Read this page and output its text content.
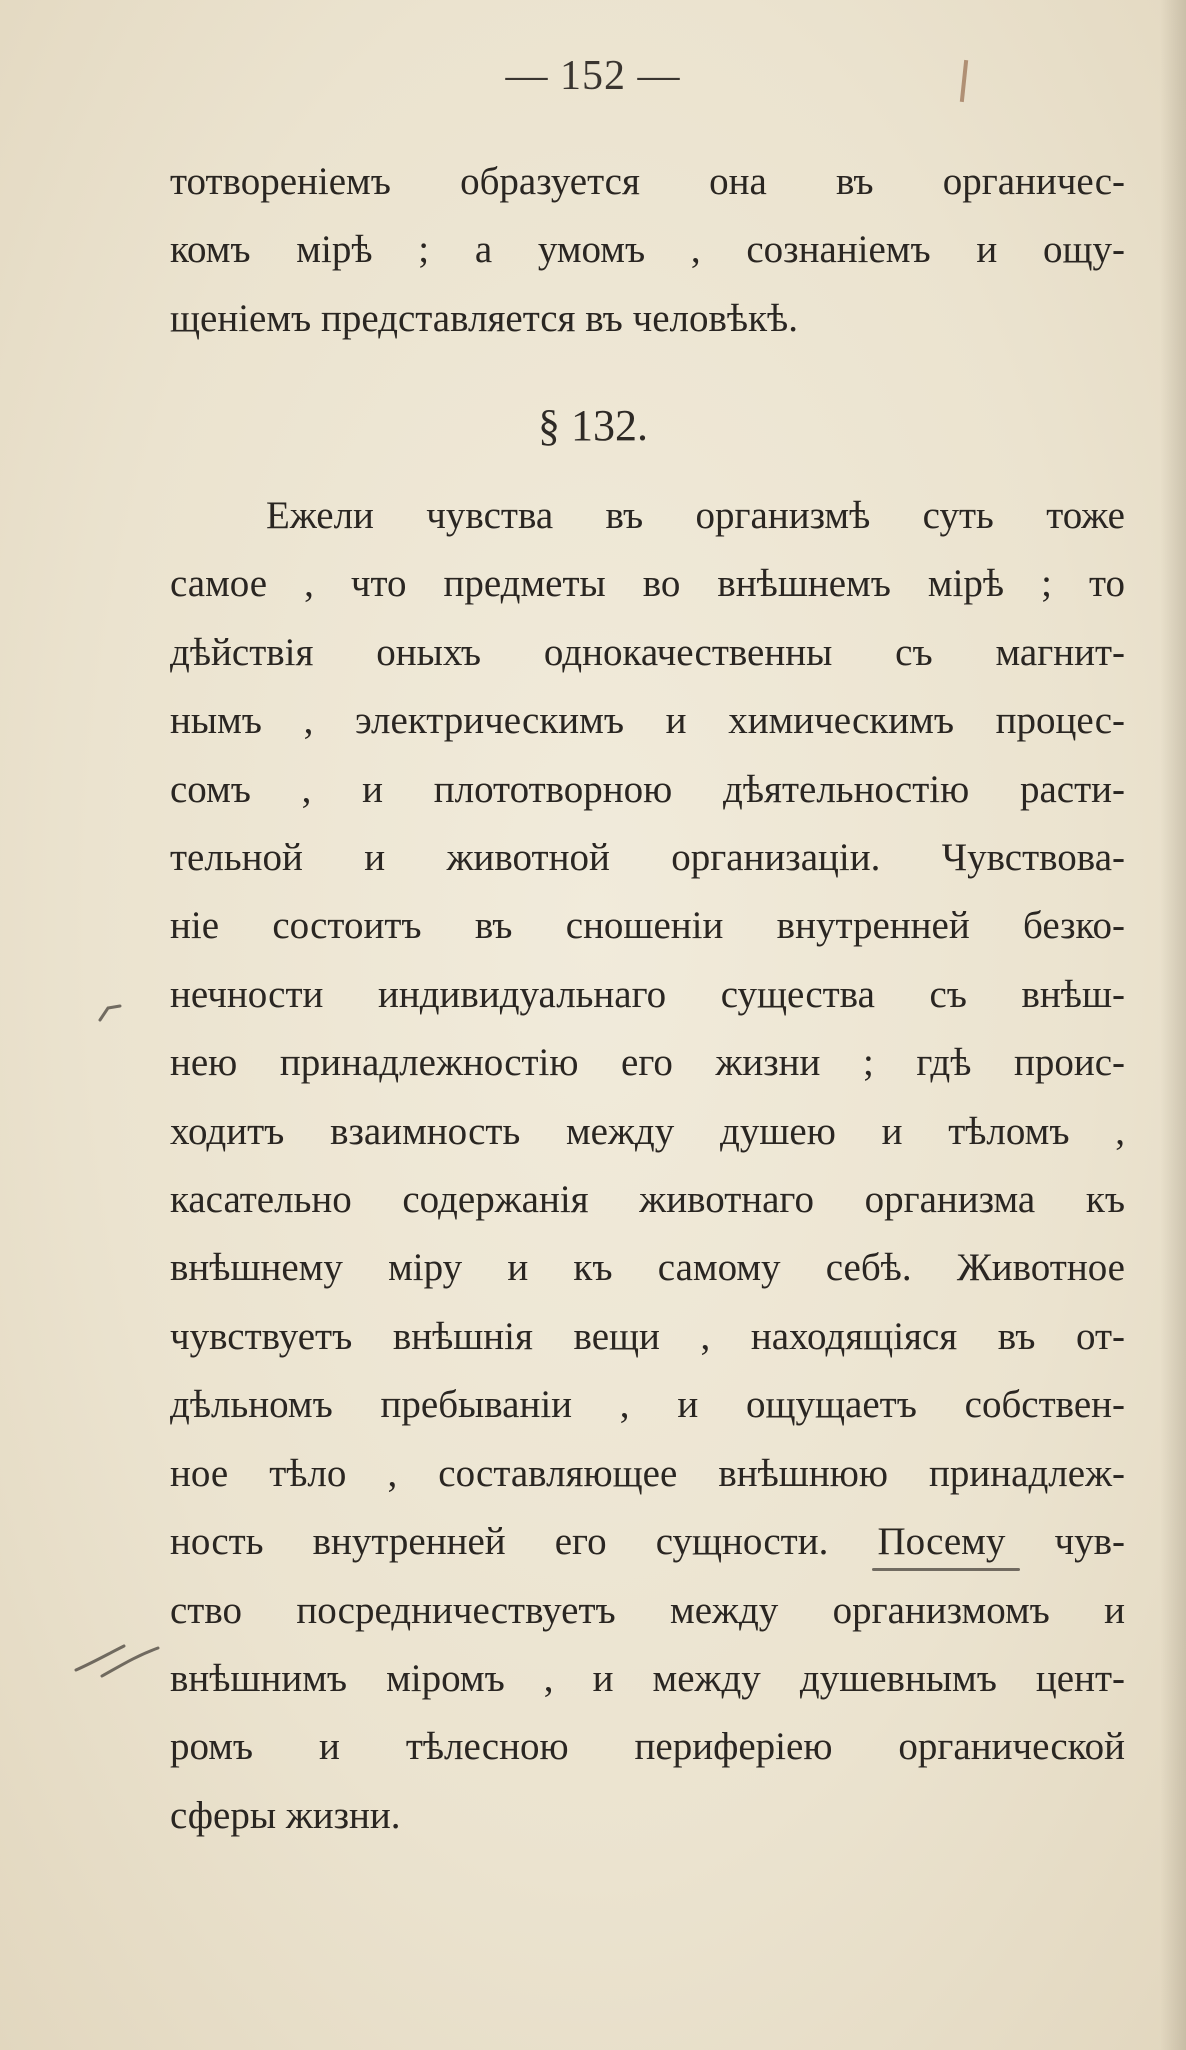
— 152 —
тотвореніемъ образуется она въ органичес-
комъ мірѣ ; а умомъ , сознаніемъ и ощу-
щеніемъ представляется въ человѣкѣ.
§ 132.
Ежели чувства въ организмѣ суть тоже
самое , что предметы во внѣшнемъ мірѣ ; то
дѣйствія оныхъ однокачественны съ магнит-
нымъ , электрическимъ и химическимъ процес-
сомъ , и плототворною дѣятельностію расти-
тельной и животной организаціи. Чувствова-
ніе состоитъ въ сношеніи внутренней безко-
нечности индивидуальнаго существа съ внѣш-
нею принадлежностію его жизни ; гдѣ проис-
ходитъ взаимность между душею и тѣломъ ,
касательно содержанія животнаго организма къ
внѣшнему міру и къ самому себѣ. Животное
чувствуетъ внѣшнія вещи , находящіяся въ от-
дѣльномъ пребываніи , и ощущаетъ собствен-
ное тѣло , составляющее внѣшнюю принадлеж-
ность внутренней его сущности. Посему чув-
ство посредничествуетъ между организмомъ и
внѣшнимъ міромъ , и между душевнымъ цент-
ромъ и тѣлесною периферіею органической
сферы жизни.
